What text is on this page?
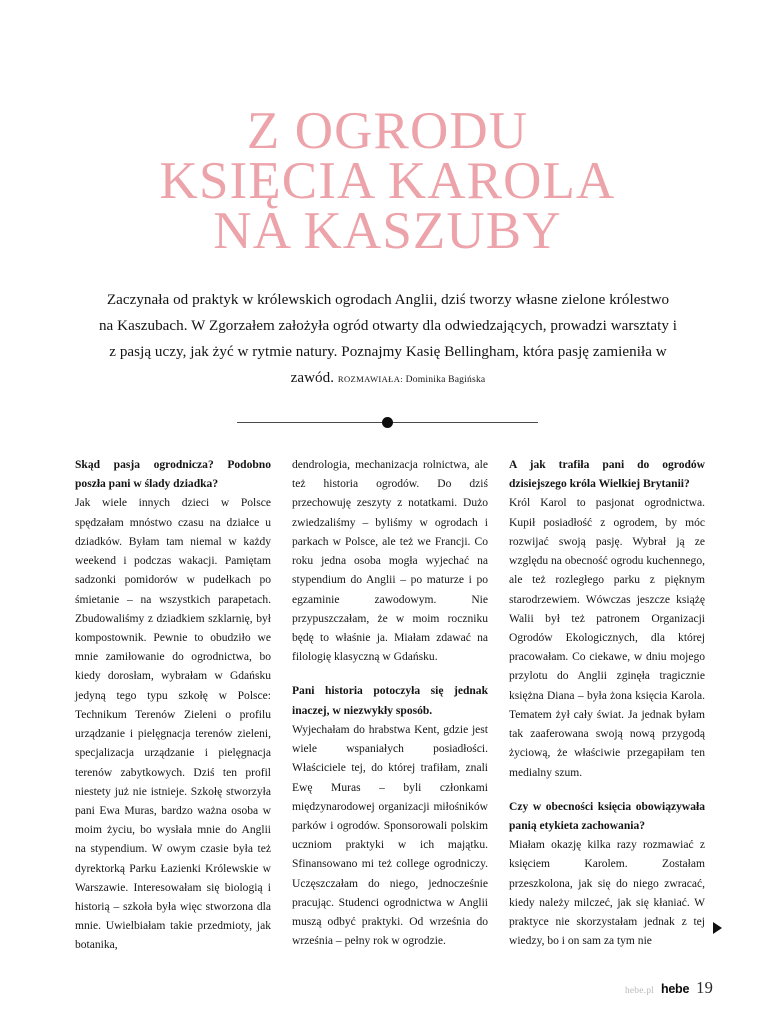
Z OGRODU
KSIĘCIA KAROLA
NA KASZUBY
Zaczynała od praktyk w królewskich ogrodach Anglii, dziś tworzy własne zielone królestwo na Kaszubach. W Zgorzałem założyła ogród otwarty dla odwiedzających, prowadzi warsztaty i z pasją uczy, jak żyć w rytmie natury. Poznajmy Kasię Bellingham, która pasję zamieniła w zawód. ROZMAWIAŁA: Dominika Bagińska

Skąd pasja ogrodnicza? Podobno poszła pani w ślady dziadka?

Jak wiele innych dzieci w Polsce spędzałam mnóstwo czasu na działce u dziadków. Byłam tam niemal w każdy weekend i podczas wakacji. Pamiętam sadzonki pomidorów w pudełkach po śmietanie – na wszystkich parapetach. Zbudowaliśmy z dziadkiem szklarnię, był kompostownik. Pewnie to obudziło we mnie zamiłowanie do ogrodnictwa, bo kiedy dorosłam, wybrałam w Gdańsku jedyną tego typu szkołę w Polsce: Technikum Terenów Zieleni o profilu urządzanie i pielęgnacja terenów zieleni, specjalizacja urządzanie i pielęgnacja terenów zabytkowych. Dziś ten profil niestety już nie istnieje. Szkołę stworzyła pani Ewa Muras, bardzo ważna osoba w moim życiu, bo wysłała mnie do Anglii na stypendium. W owym czasie była też dyrektorką Parku Łazienki Królewskie w Warszawie. Interesowałam się biologią i historią – szkoła była więc stworzona dla mnie. Uwielbiałam takie przedmioty, jak botanika,

dendrologia, mechanizacja rolnictwa, ale też historia ogrodów. Do dziś przechowuję zeszyty z notatkami. Dużo zwiedzaliśmy – byliśmy w ogrodach i parkach w Polsce, ale też we Francji. Co roku jedna osoba mogła wyjechać na stypendium do Anglii – po maturze i po egzaminie zawodowym. Nie przypuszczałam, że w moim roczniku będę to właśnie ja. Miałam zdawać na filologię klasyczną w Gdańsku.

Pani historia potoczyła się jednak inaczej, w niezwykły sposób.

Wyjechałam do hrabstwa Kent, gdzie jest wiele wspaniałych posiadłości. Właściciele tej, do której trafiłam, znali Ewę Muras – byli członkami międzynarodowej organizacji miłośników parków i ogrodów. Sponsorowali polskim uczniom praktyki w ich majątku. Sfinansowano mi też college ogrodniczy. Uczęszczałam do niego, jednocześnie pracując. Studenci ogrodnictwa w Anglii muszą odbyć praktyki. Od września do września – pełny rok w ogrodzie.

A jak trafiła pani do ogrodów dzisiejszego króla Wielkiej Brytanii?

Król Karol to pasjonat ogrodnictwa. Kupił posiadłość z ogrodem, by móc rozwijać swoją pasję. Wybrał ją ze względu na obecność ogrodu kuchennego, ale też rozległego parku z pięknym starodrzewiem. Wówczas jeszcze książę Walii był też patronem Organizacji Ogrodów Ekologicznych, dla której pracowałam. Co ciekawe, w dniu mojego przylotu do Anglii zginęła tragicznie księżna Diana – była żona księcia Karola. Tematem żył cały świat. Ja jednak byłam tak zaaferowana swoją nową przygodą życiową, że właściwie przegapiłam ten medialny szum.

Czy w obecności księcia obowiązywała panią etykieta zachowania?

Miałam okazję kilka razy rozmawiać z księciem Karolem. Zostałam przeszkolona, jak się do niego zwracać, kiedy należy milczeć, jak się kłaniać. W praktyce nie skorzystałam jednak z tej wiedzy, bo i on sam za tym nie

hebe.pl hebe 19
